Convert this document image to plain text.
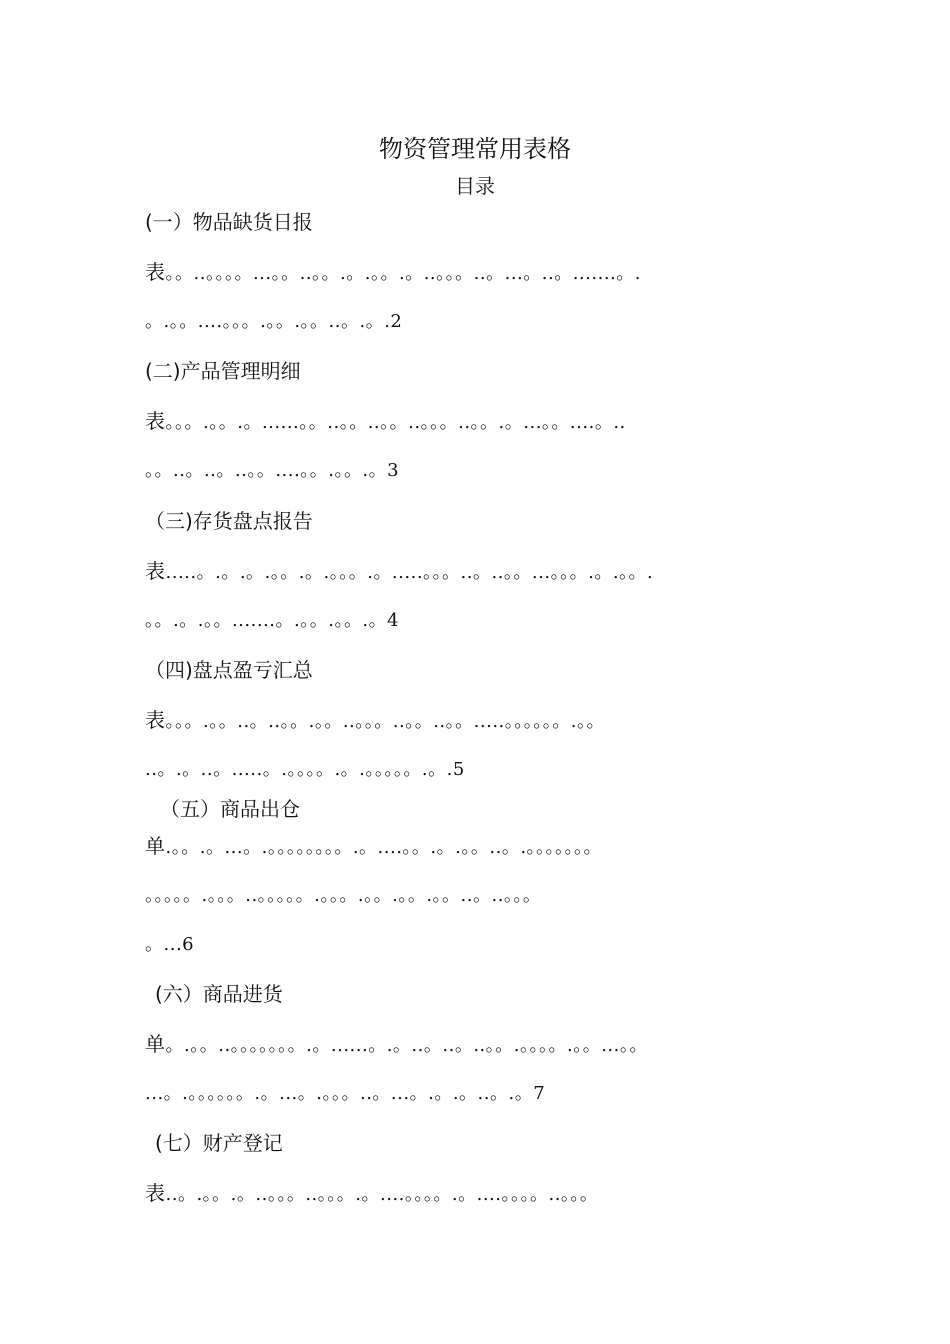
物资管理常用表格
目录
(一）物品缺货日报
表。。..。。。。...。。..。。.。.。。.。..。。。..。...。..。.......。.
。.。。....。。。.。。.。。..。.。.2
(二)产品管理明细
表。。。.。。.。......。。..。。..。。..。。。..。。.。...。。....。..
。。..。..。..。。....。。.。。.。3
（三)存货盘点报告
表.....。.。.。.。。.。.。。。.。.....。。。..。..。。...。。。.。.。。.
。。.。.。。.......。.。。.。。.。4
（四)盘点盈亏汇总
表。。。.。。..。..。。.。。..。。。..。。..。。.....。。。。。。.。。
..。.。..。.....。.。。。。.。.。。。。。.。.5
（五）商品出仓
单.。。.。...。.。。。。。。。。.。....。。.。.。。..。.。。。。。。。
。。。。。.。。。..。。。。。.。。。.。。.。。.。。..。..。。。
。...6
(六）商品进货
单。.。。..。。。。。。。.。......。.。..。..。..。。.。。。。.。。...。。
...。.。。。。。。.。...。.。。。..。...。.。.。..。.。7
(七）财产登记
表..。.。。.。..。。。..。。。.。....。。。。.。....。。。。..。。。
